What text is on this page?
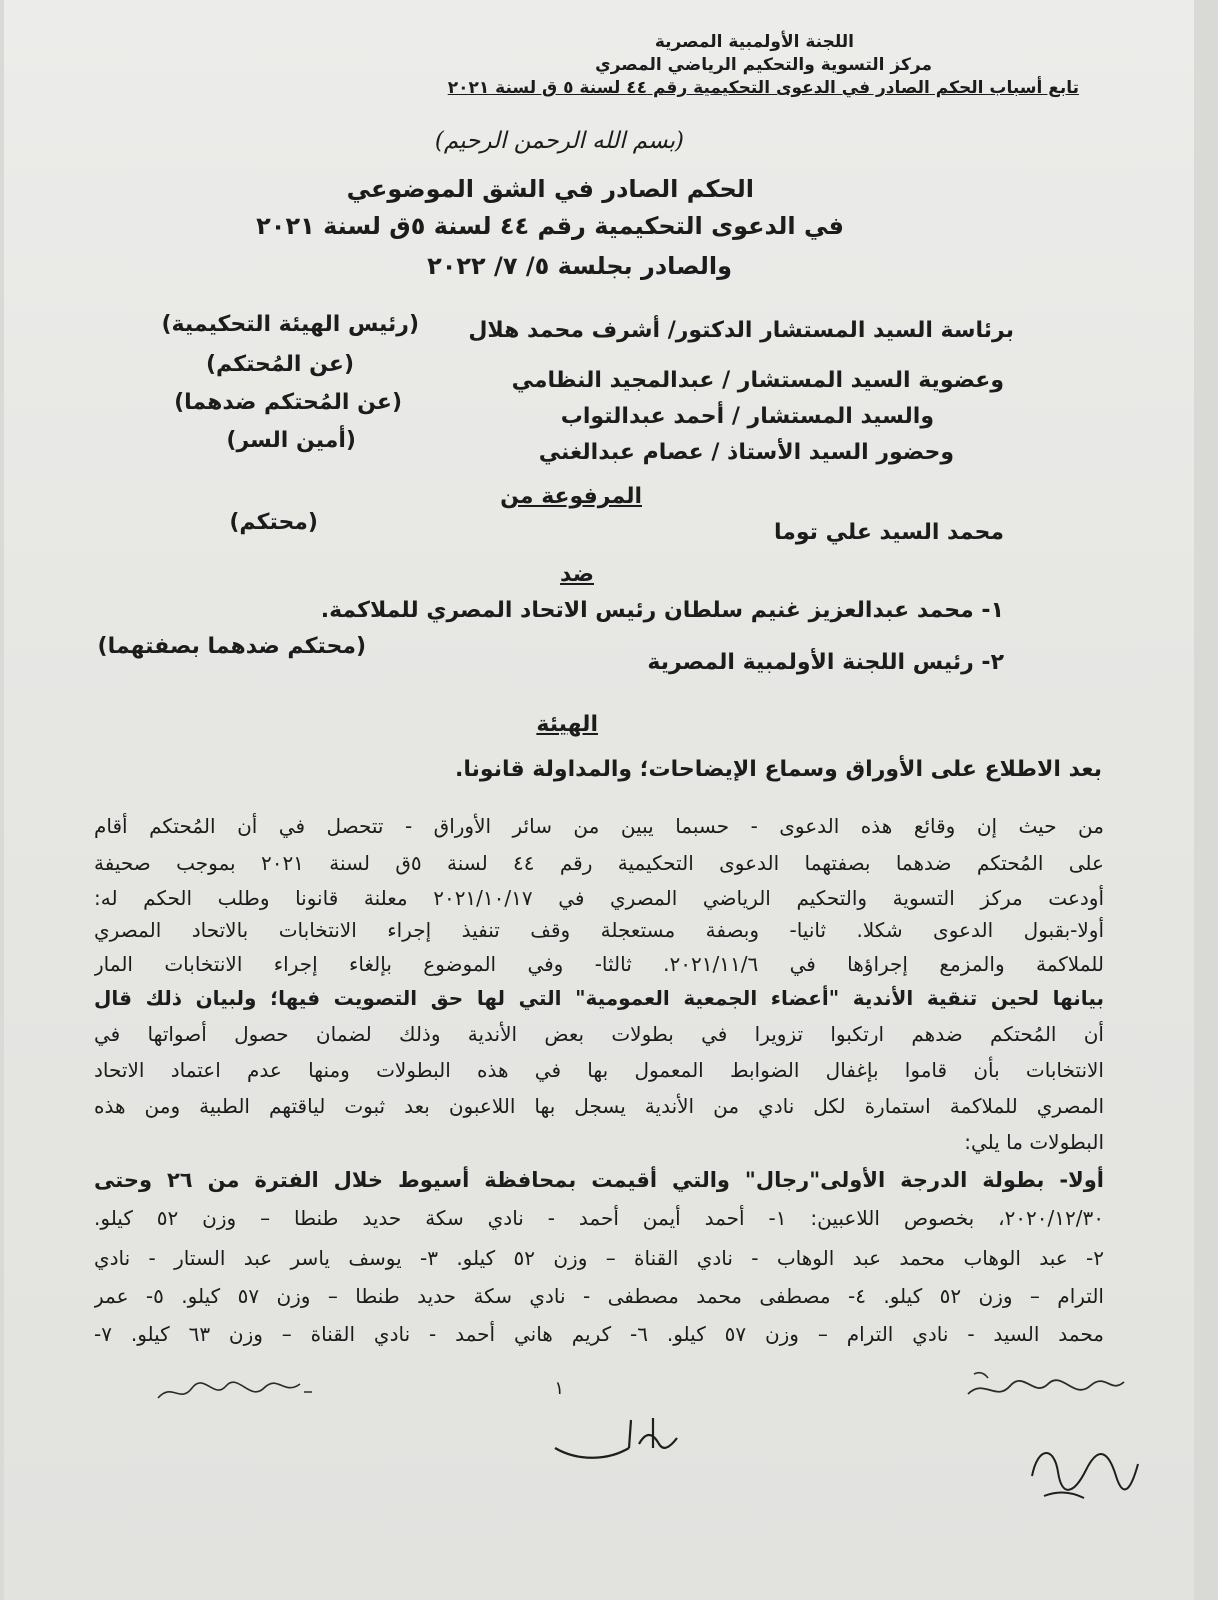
اللجنة الأولمبية المصرية
مركز التسوية والتحكيم الرياضي المصري
تابع أسباب الحكم الصادر في الدعوى التحكيمية رقم ٤٤ لسنة ٥ ق لسنة ٢٠٢١
(بسم الله الرحمن الرحيم)
الحكم الصادر في الشق الموضوعي
في الدعوى التحكيمية رقم ٤٤ لسنة ٥ق لسنة ٢٠٢١
والصادر بجلسة ٥/ ٧/ ٢٠٢٢
برئاسة السيد المستشار الدكتور/ أشرف محمد هلال
(رئيس الهيئة التحكيمية)
وعضوية السيد المستشار / عبدالمجيد النظامي
(عن المُحتكم)
والسيد المستشار / أحمد عبدالتواب
(عن المُحتكم ضدهما)
وحضور السيد الأستاذ / عصام عبدالغني
(أمين السر)
المرفوعة من
محمد السيد علي توما
(محتكم)
ضد
١- محمد عبدالعزيز غنيم سلطان رئيس الاتحاد المصري للملاكمة.
٢- رئيس اللجنة الأولمبية المصرية
(محتكم ضدهما بصفتهما)
الهيئة
بعد الاطلاع على الأوراق وسماع الإيضاحات؛ والمداولة قانونا.
من حيث إن وقائع هذه الدعوى - حسبما يبين من سائر الأوراق - تتحصل في أن المُحتكم أقام
على المُحتكم ضدهما بصفتهما الدعوى التحكيمية رقم ٤٤ لسنة ٥ق لسنة ٢٠٢١ بموجب صحيفة
أودعت مركز التسوية والتحكيم الرياضي المصري في ٢٠٢١/١٠/١٧ معلنة قانونا وطلب الحكم له:
أولا-بقبول الدعوى شكلا. ثانيا- وبصفة مستعجلة وقف تنفيذ إجراء الانتخابات بالاتحاد المصري
للملاكمة والمزمع إجراؤها في ٢٠٢١/١١/٦. ثالثا- وفي الموضوع بإلغاء إجراء الانتخابات المار
بيانها لحين تنقية الأندية "أعضاء الجمعية العمومية" التي لها حق التصويت فيها؛ ولبيان ذلك قال
أن المُحتكم ضدهم ارتكبوا تزويرا في بطولات بعض الأندية وذلك لضمان حصول أصواتها في
الانتخابات بأن قاموا بإغفال الضوابط المعمول بها في هذه البطولات ومنها عدم اعتماد الاتحاد
المصري للملاكمة استمارة لكل نادي من الأندية يسجل بها اللاعبون بعد ثبوت لياقتهم الطبية ومن هذه
البطولات ما يلي:
أولا- بطولة الدرجة الأولى"رجال" والتي أقيمت بمحافظة أسيوط خلال الفترة من ٢٦ وحتى
٢٠٢٠/١٢/٣٠، بخصوص اللاعبين: ١- أحمد أيمن أحمد - نادي سكة حديد طنطا – وزن ٥٢ كيلو.
٢- عبد الوهاب محمد عبد الوهاب - نادي القناة – وزن ٥٢ كيلو. ٣- يوسف ياسر عبد الستار - نادي
الترام – وزن ٥٢ كيلو. ٤- مصطفى محمد مصطفى - نادي سكة حديد طنطا – وزن ٥٧ كيلو. ٥- عمر
محمد السيد - نادي الترام – وزن ٥٧ كيلو. ٦- كريم هاني أحمد - نادي القناة – وزن ٦٣ كيلو. ٧-
١
